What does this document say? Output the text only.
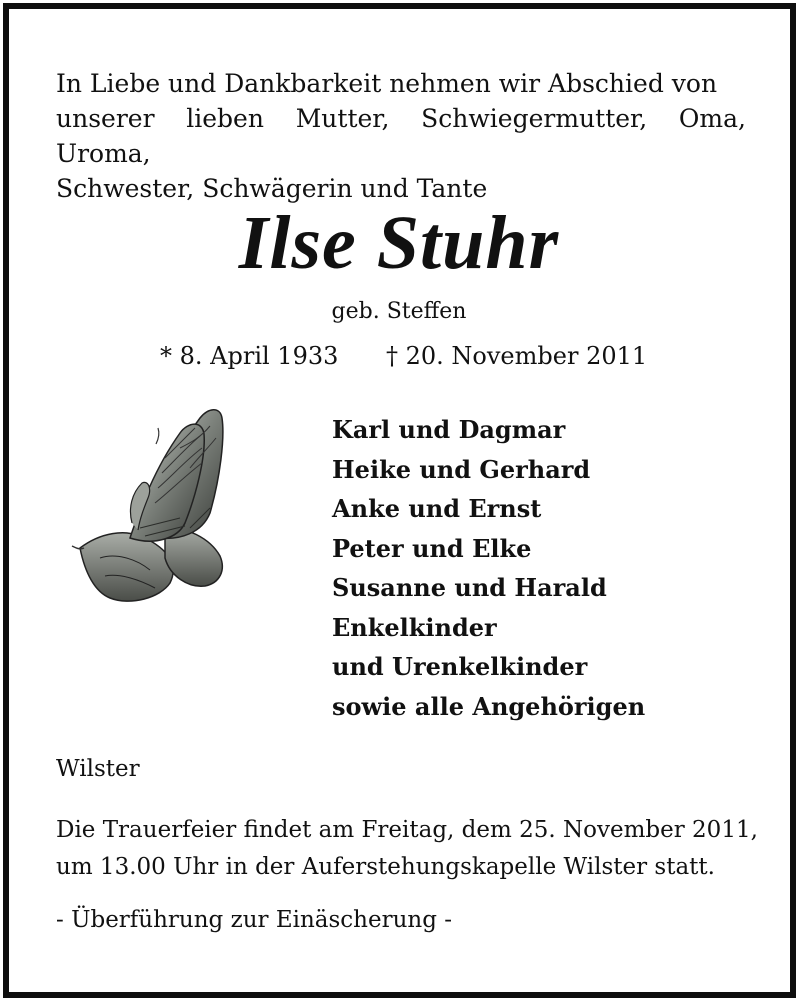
In Liebe und Dankbarkeit nehmen wir Abschied von
unserer lieben Mutter, Schwiegermutter, Oma, Uroma,
Schwester, Schwägerin und Tante
Ilse Stuhr
geb. Steffen
* 8. April 1933 † 20. November 2011
Karl und Dagmar
Heike und Gerhard
Anke und Ernst
Peter und Elke
Susanne und Harald
Enkelkinder
und Urenkelkinder
sowie alle Angehörigen
Wilster
Die Trauerfeier findet am Freitag, dem 25. November 2011,
um 13.00 Uhr in der Auferstehungskapelle Wilster statt.
- Überführung zur Einäscherung -
